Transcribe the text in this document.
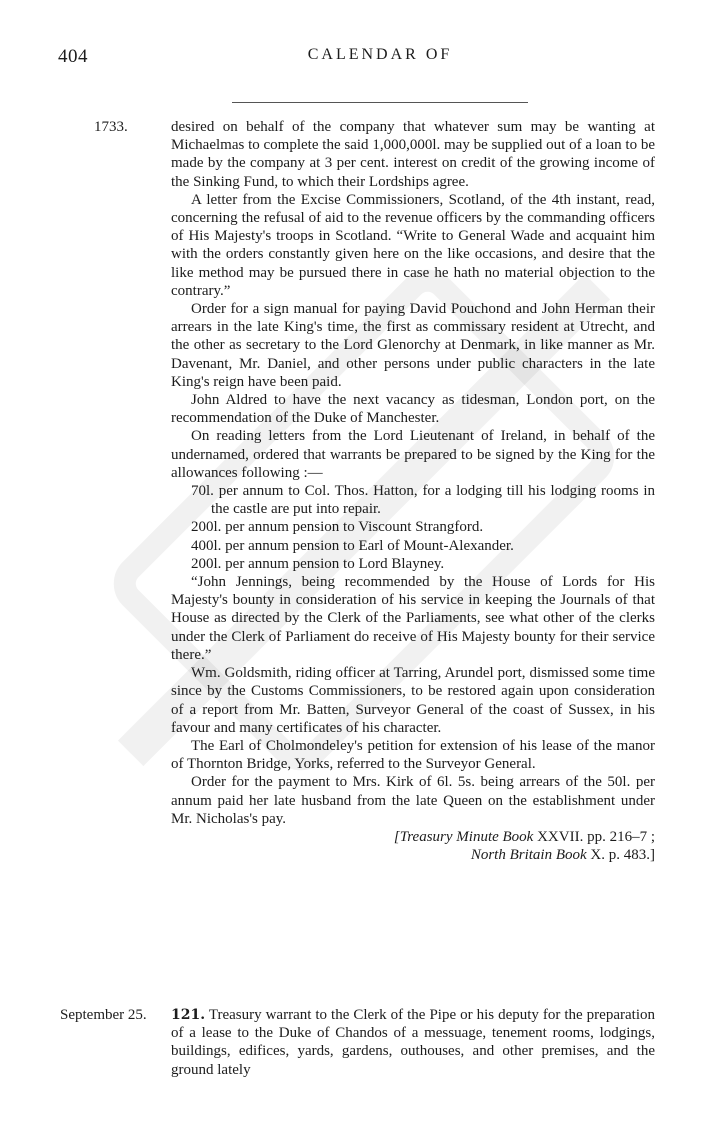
404	CALENDAR OF
1733.	desired on behalf of the company that whatever sum may be wanting at Michaelmas to complete the said 1,000,000l. may be supplied out of a loan to be made by the company at 3 per cent. interest on credit of the growing income of the Sinking Fund, to which their Lordships agree.

A letter from the Excise Commissioners, Scotland, of the 4th instant, read, concerning the refusal of aid to the revenue officers by the commanding officers of His Majesty's troops in Scotland. “Write to General Wade and acquaint him with the orders constantly given here on the like occasions, and desire that the like method may be pursued there in case he hath no material objection to the contrary.”

Order for a sign manual for paying David Pouchond and John Herman their arrears in the late King's time, the first as commissary resident at Utrecht, and the other as secretary to the Lord Glenorchy at Denmark, in like manner as Mr. Davenant, Mr. Daniel, and other persons under public characters in the late King's reign have been paid.

John Aldred to have the next vacancy as tidesman, London port, on the recommendation of the Duke of Manchester.

On reading letters from the Lord Lieutenant of Ireland, in behalf of the undernamed, ordered that warrants be prepared to be signed by the King for the allowances following :—

70l. per annum to Col. Thos. Hatton, for a lodging till his lodging rooms in the castle are put into repair.

200l. per annum pension to Viscount Strangford.

400l. per annum pension to Earl of Mount-Alexander.

200l. per annum pension to Lord Blayney.

“John Jennings, being recommended by the House of Lords for His Majesty's bounty in consideration of his service in keeping the Journals of that House as directed by the Clerk of the Parliaments, see what other of the clerks under the Clerk of Parliament do receive of His Majesty bounty for their service there.”

Wm. Goldsmith, riding officer at Tarring, Arundel port, dismissed some time since by the Customs Commissioners, to be restored again upon consideration of a report from Mr. Batten, Surveyor General of the coast of Sussex, in his favour and many certificates of his character.

The Earl of Cholmondeley's petition for extension of his lease of the manor of Thornton Bridge, Yorks, referred to the Surveyor General.

Order for the payment to Mrs. Kirk of 6l. 5s. being arrears of the 50l. per annum paid her late husband from the late Queen on the establishment under Mr. Nicholas's pay.

[Treasury Minute Book XXVII. pp. 216–7 ;
North Britain Book X. p. 483.]

September 25. 121. Treasury warrant to the Clerk of the Pipe or his deputy for the preparation of a lease to the Duke of Chandos of a messuage, tenement rooms, lodgings, buildings, edifices, yards, gardens, outhouses, and other premises, and the ground lately
